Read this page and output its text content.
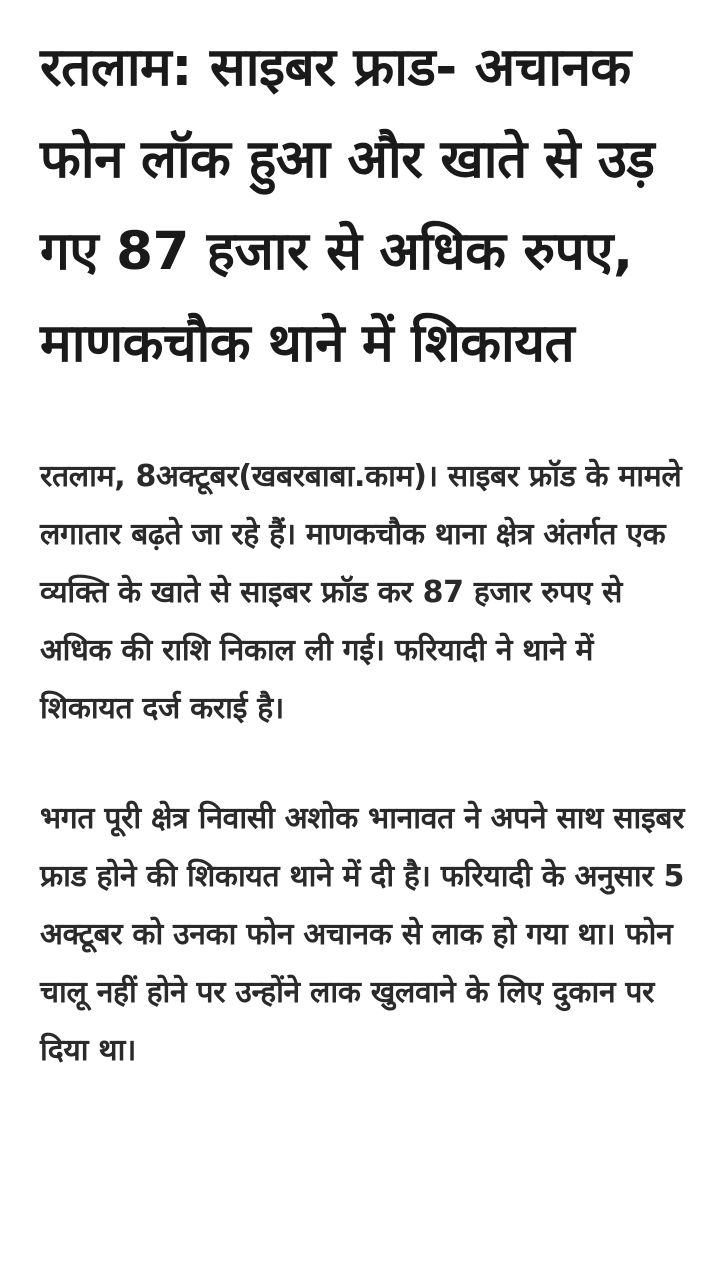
रतलाम: साइबर फ्राड- अचानक फोन लॉक हुआ और खाते से उड़ गए 87 हजार से अधिक रुपए, माणकचौक थाने में शिकायत

रतलाम, 8अक्टूबर(खबरबाबा.काम)। साइबर फ्रॉड के मामले लगातार बढ़ते जा रहे हैं। माणकचौक थाना क्षेत्र अंतर्गत एक व्यक्ति के खाते से साइबर फ्रॉड कर 87 हजार रुपए से अधिक की राशि निकाल ली गई। फरियादी ने थाने में शिकायत दर्ज कराई है।

भगत पूरी क्षेत्र निवासी अशोक भानावत ने अपने साथ साइबर फ्राड होने की शिकायत थाने में दी है। फरियादी के अनुसार 5 अक्टूबर को उनका फोन अचानक से लाक हो गया था। फोन चालू नहीं होने पर उन्होंने लाक खुलवाने के लिए दुकान पर दिया था।
